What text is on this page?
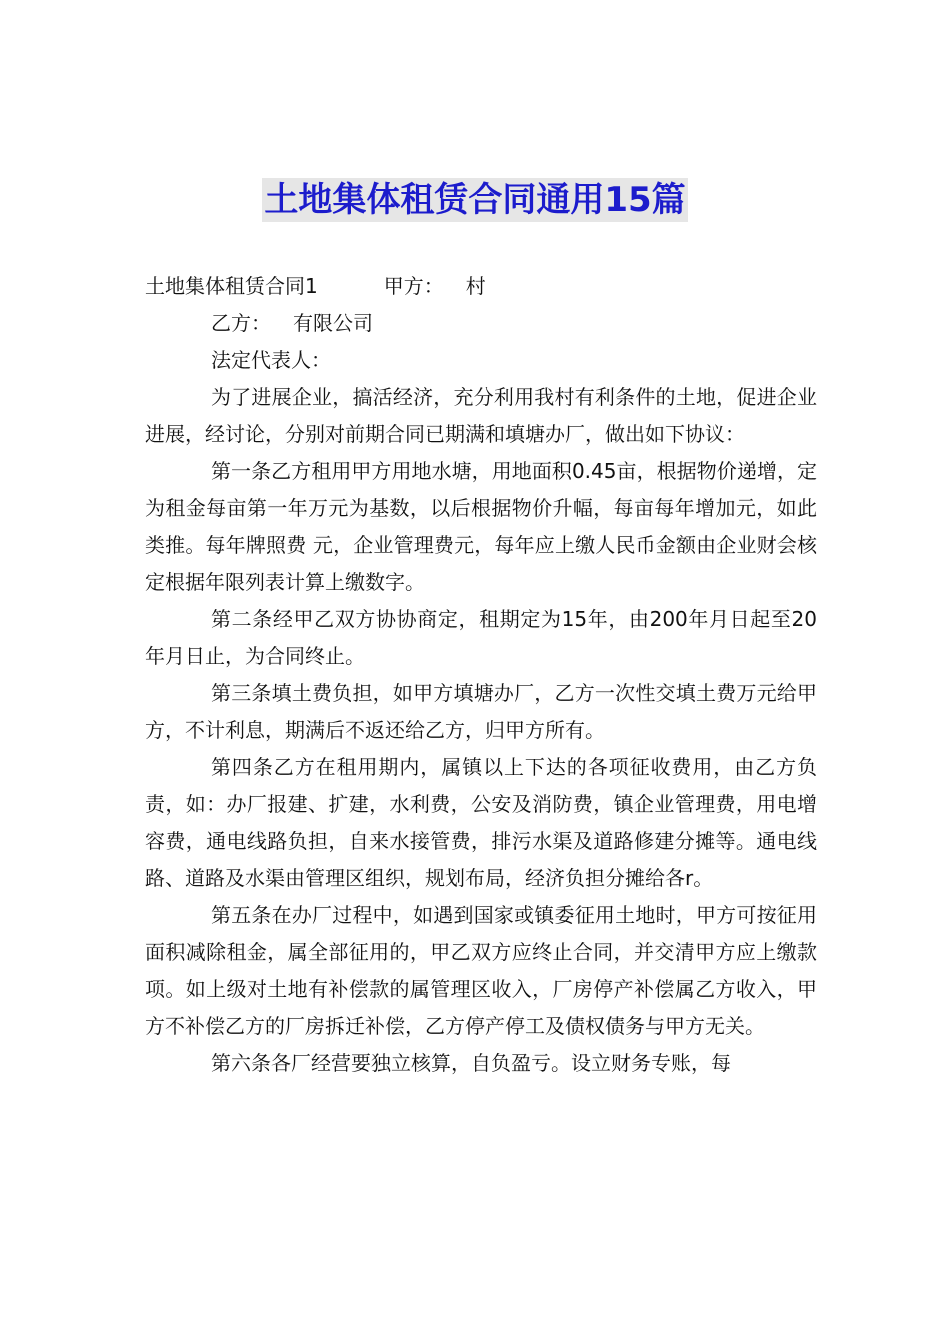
土地集体租赁合同通用15篇
土地集体租赁合同1	甲方： 村
乙方： 有限公司
法定代表人：

为了进展企业，搞活经济，充分利用我村有利条件的土地，促进企业进展，经讨论，分别对前期合同已期满和填塘办厂，做出如下协议：

第一条乙方租用甲方用地水塘，用地面积0.45亩，根据物价递增，定为租金每亩第一年万元为基数，以后根据物价升幅，每亩每年增加元，如此类推。每年牌照费 元，企业管理费元，每年应上缴人民币金额由企业财会核定根据年限列表计算上缴数字。

第二条经甲乙双方协协商定，租期定为15年，由200年月日起至20年月日止，为合同终止。

第三条填土费负担，如甲方填塘办厂，乙方一次性交填土费万元给甲方，不计利息，期满后不返还给乙方，归甲方所有。

第四条乙方在租用期内，属镇以上下达的各项征收费用，由乙方负责，如：办厂报建、扩建，水利费，公安及消防费，镇企业管理费，用电增容费，通电线路负担，自来水接管费，排污水渠及道路修建分摊等。通电线路、道路及水渠由管理区组织，规划布局，经济负担分摊给各r。

第五条在办厂过程中，如遇到国家或镇委征用土地时，甲方可按征用面积减除租金，属全部征用的，甲乙双方应终止合同，并交清甲方应上缴款项。如上级对土地有补偿款的属管理区收入，厂房停产补偿属乙方收入，甲方不补偿乙方的厂房拆迁补偿，乙方停产停工及债权债务与甲方无关。

第六条各厂经营要独立核算，自负盈亏。设立财务专账，每
